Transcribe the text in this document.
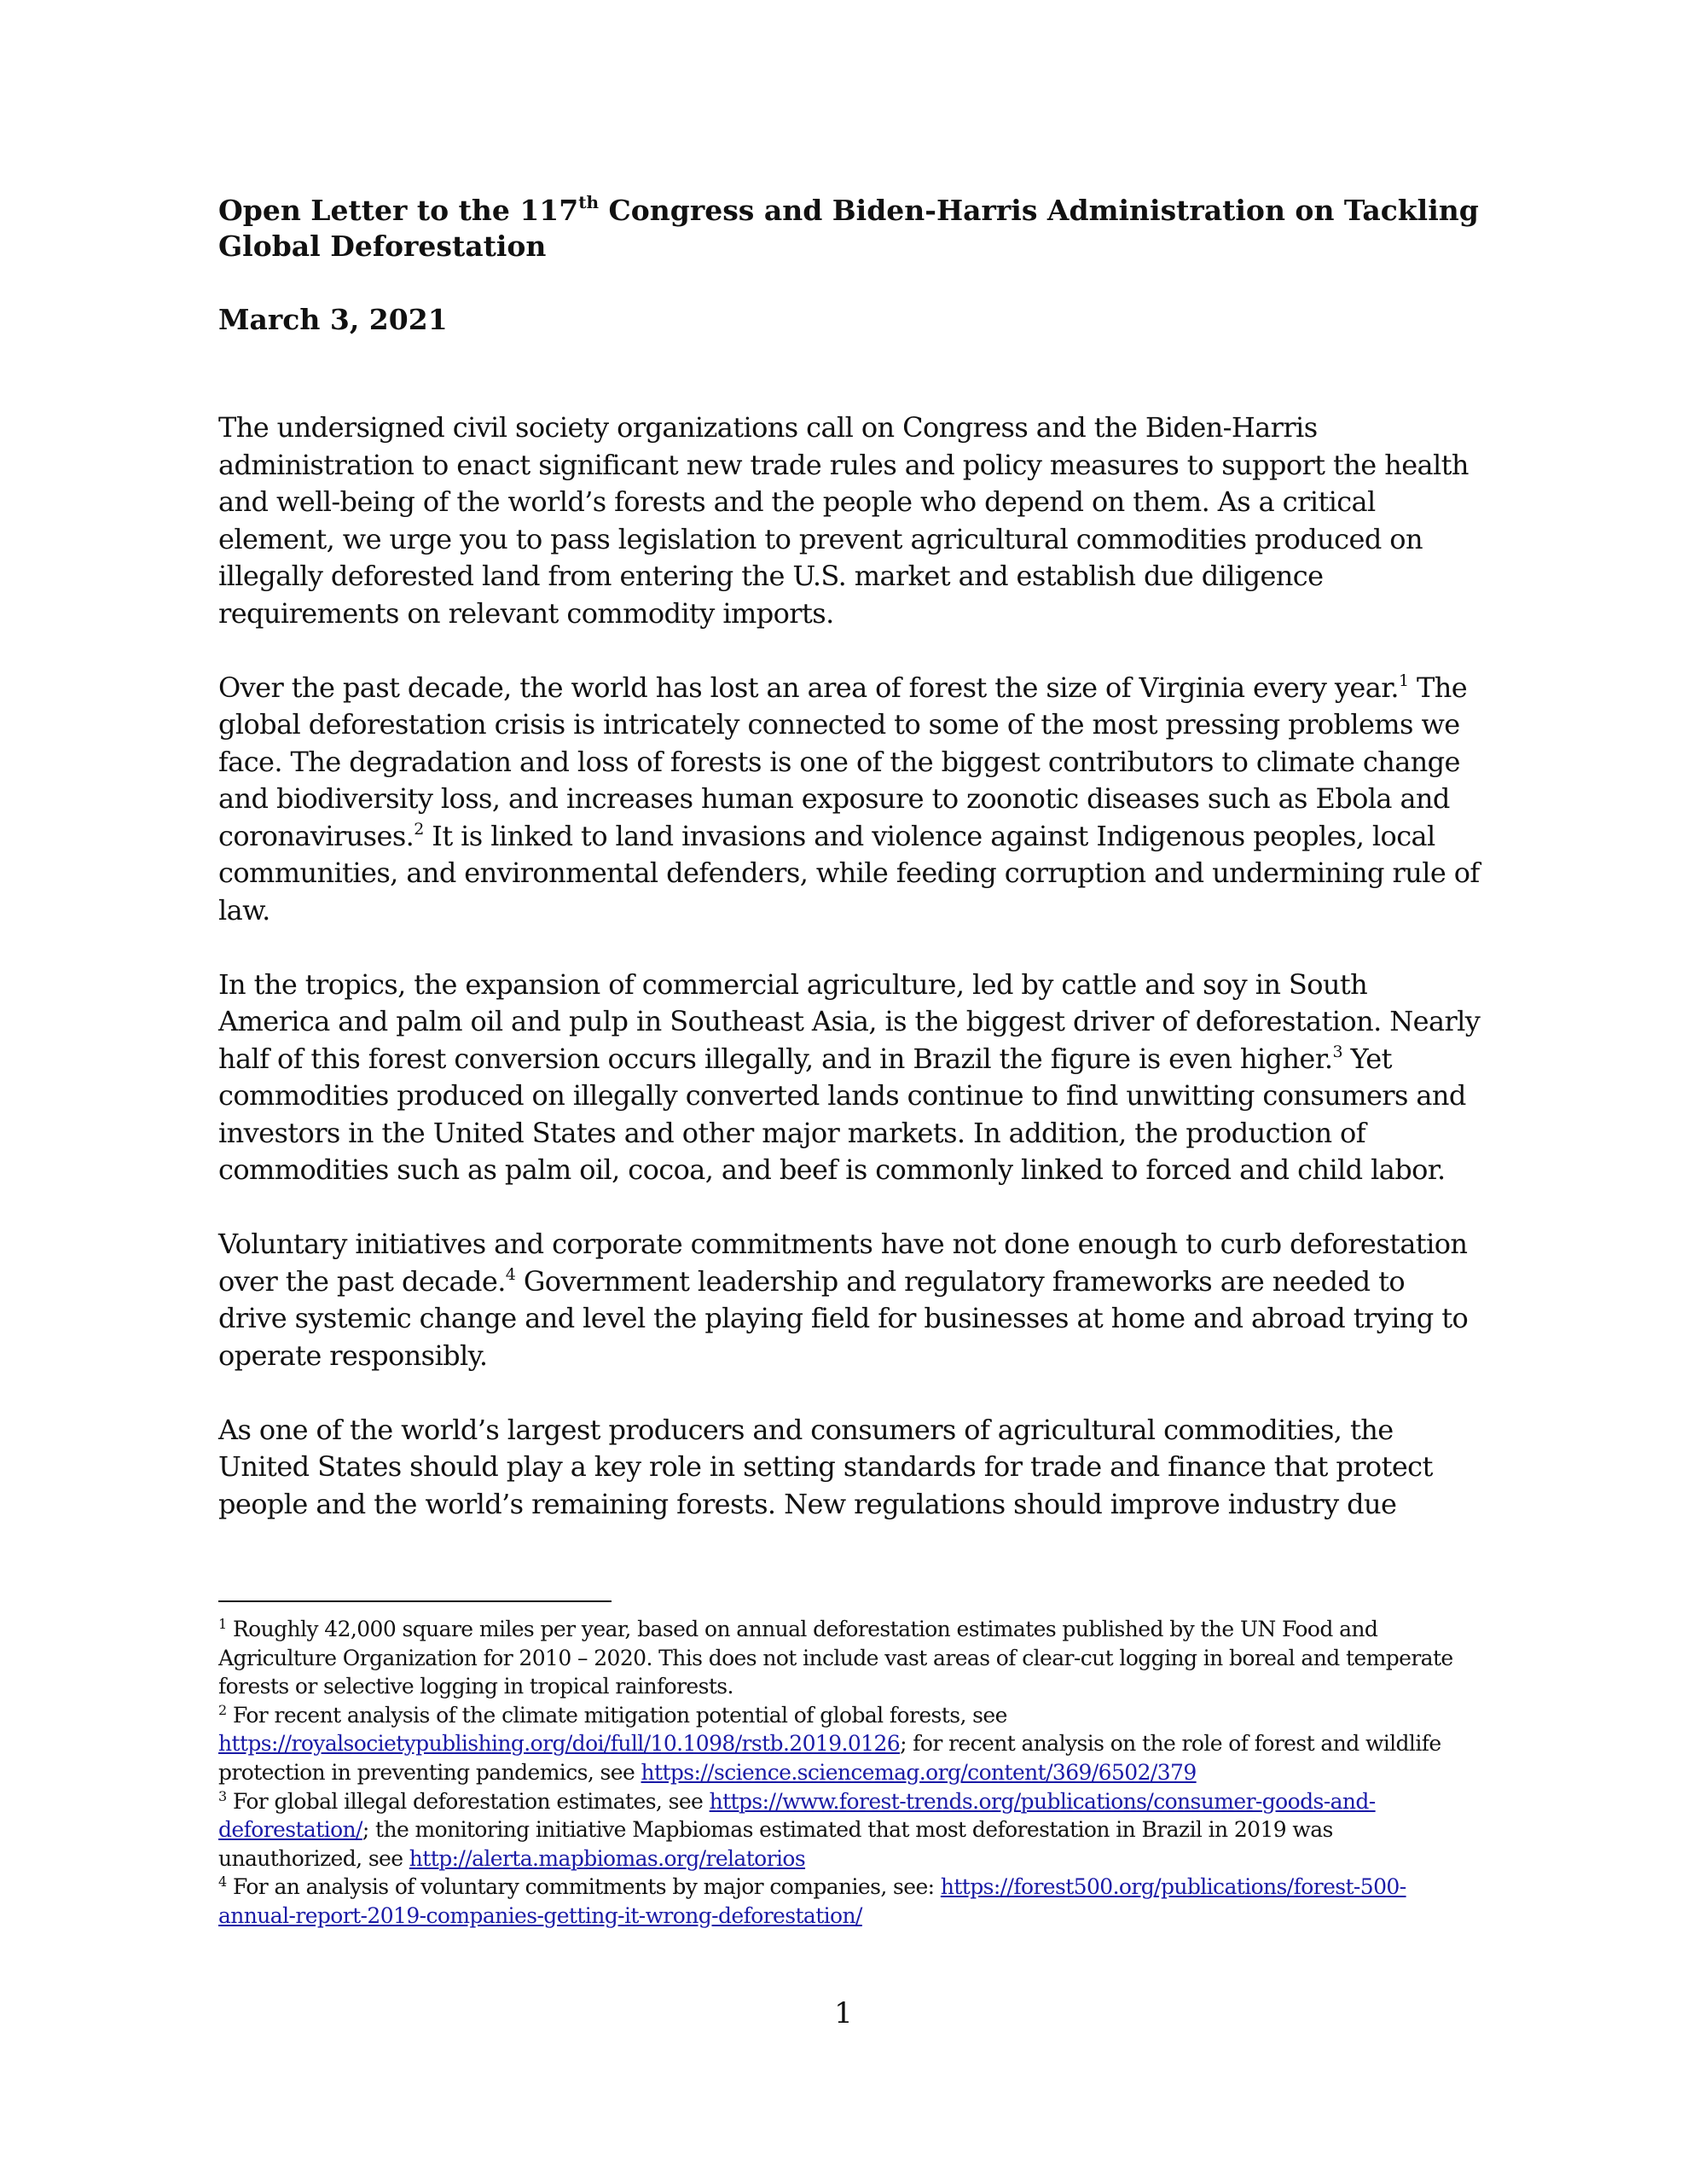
Open Letter to the 117th Congress and Biden-Harris Administration on Tackling Global Deforestation

March 3, 2021

The undersigned civil society organizations call on Congress and the Biden-Harris administration to enact significant new trade rules and policy measures to support the health and well-being of the world’s forests and the people who depend on them. As a critical element, we urge you to pass legislation to prevent agricultural commodities produced on illegally deforested land from entering the U.S. market and establish due diligence requirements on relevant commodity imports.

Over the past decade, the world has lost an area of forest the size of Virginia every year.$^1$ The global deforestation crisis is intricately connected to some of the most pressing problems we face. The degradation and loss of forests is one of the biggest contributors to climate change and biodiversity loss, and increases human exposure to zoonotic diseases such as Ebola and coronaviruses.$^2$ It is linked to land invasions and violence against Indigenous peoples, local communities, and environmental defenders, while feeding corruption and undermining rule of law.

In the tropics, the expansion of commercial agriculture, led by cattle and soy in South America and palm oil and pulp in Southeast Asia, is the biggest driver of deforestation. Nearly half of this forest conversion occurs illegally, and in Brazil the figure is even higher.$^3$ Yet commodities produced on illegally converted lands continue to find unwitting consumers and investors in the United States and other major markets. In addition, the production of commodities such as palm oil, cocoa, and beef is commonly linked to forced and child labor.

Voluntary initiatives and corporate commitments have not done enough to curb deforestation over the past decade.$^4$ Government leadership and regulatory frameworks are needed to drive systemic change and level the playing field for businesses at home and abroad trying to operate responsibly.

As one of the world’s largest producers and consumers of agricultural commodities, the United States should play a key role in setting standards for trade and finance that protect people and the world’s remaining forests. New regulations should improve industry due

$^1$ Roughly 42,000 square miles per year, based on annual deforestation estimates published by the UN Food and Agriculture Organization for 2010 – 2020. This does not include vast areas of clear-cut logging in boreal and temperate forests or selective logging in tropical rainforests.

$^2$ For recent analysis of the climate mitigation potential of global forests, see https://royalsocietypublishing.org/doi/full/10.1098/rstb.2019.0126; for recent analysis on the role of forest and wildlife protection in preventing pandemics, see https://science.sciencemag.org/content/369/6502/379

$^3$ For global illegal deforestation estimates, see https://www.forest-trends.org/publications/consumer-goods-and-deforestation/; the monitoring initiative Mapbiomas estimated that most deforestation in Brazil in 2019 was unauthorized, see http://alerta.mapbiomas.org/relatorios

$^4$ For an analysis of voluntary commitments by major companies, see: https://forest500.org/publications/forest-500-annual-report-2019-companies-getting-it-wrong-deforestation/

1
